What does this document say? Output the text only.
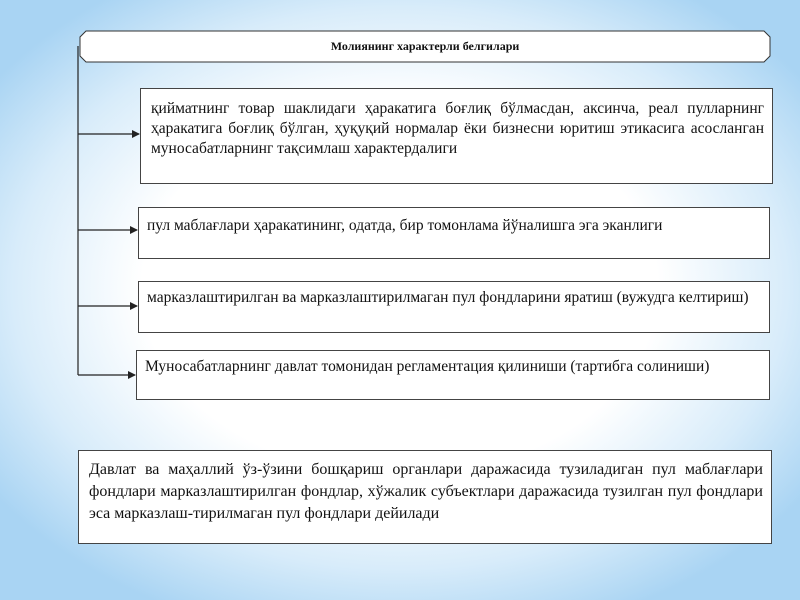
Молиянинг характерли белгилари
қийматнинг товар шаклидаги ҳаракатига боғлиқ бўлмасдан, аксинча, реал пулларнинг ҳаракатига боғлиқ бўлган, ҳуқуқий нормалар ёки бизнесни юритиш этикасига асосланган муносабатларнинг тақсимлаш характердалиги
пул маблағлари ҳаракатининг, одатда, бир томонлама йўналишга эга эканлиги
марказлаштирилган ва марказлаштирилмаган пул фондларини яратиш (вужудга келтириш)
Муносабатларнинг давлат томонидан регламентация қилиниши (тартибга солиниши)
Давлат ва маҳаллий ўз-ўзини бошқариш органлари даражасида тузиладиган пул маблағлари фондлари марказлаштирилган фондлар, хўжалик субъектлари даражасида тузилган пул фондлари эса марказлаш-тирилмаган пул фондлари дейилади
